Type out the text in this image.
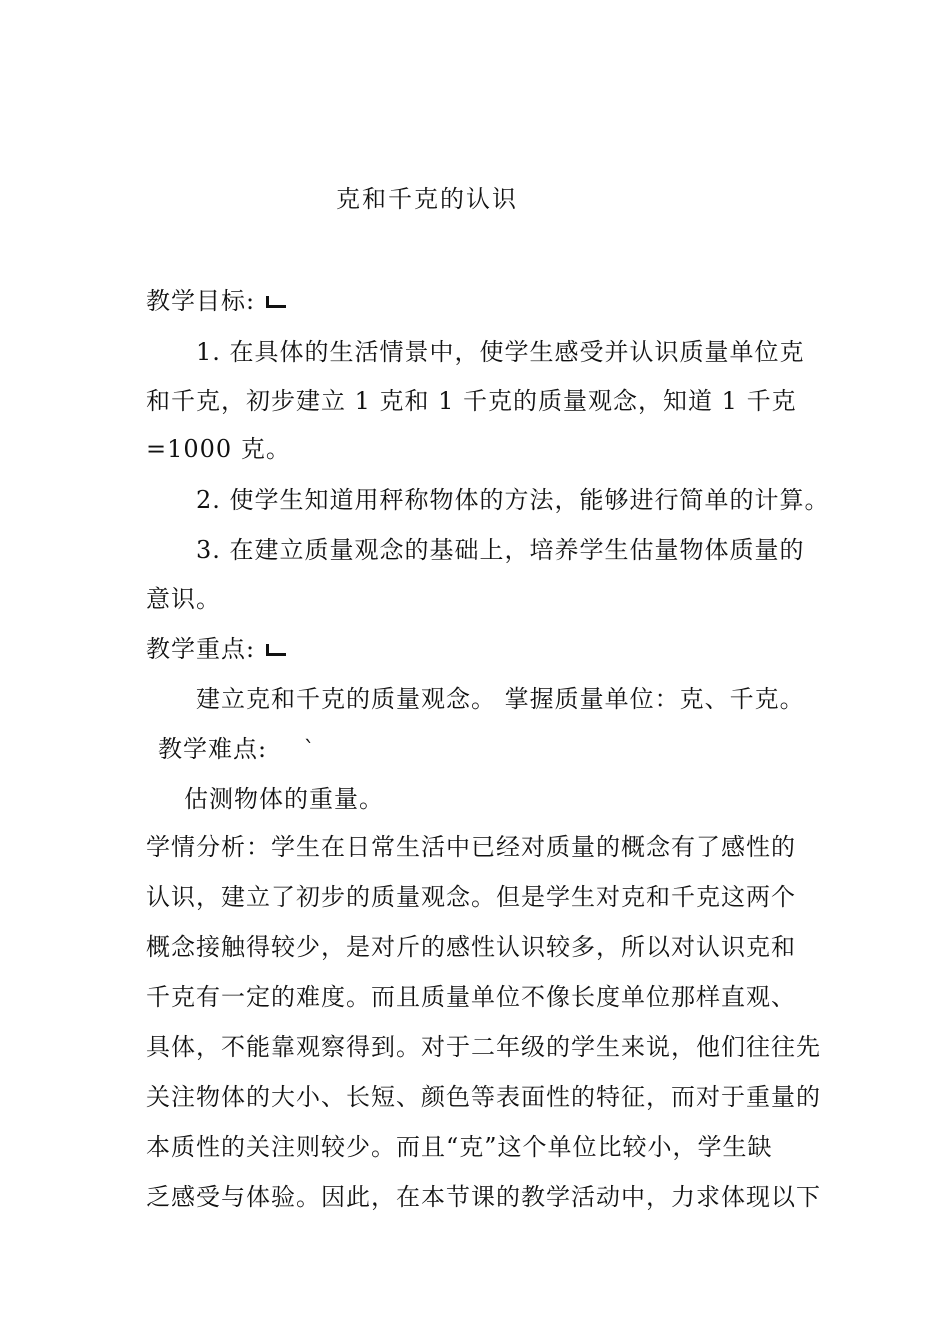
克和千克的认识
教学目标:
1. 在具体的生活情景中，使学生感受并认识质量单位克
和千克，初步建立 1 克和 1 千克的质量观念，知道 1 千克
=1000 克。
2. 使学生知道用秤称物体的方法，能够进行简单的计算。
3. 在建立质量观念的基础上，培养学生估量物体质量的
意识。
教学重点:
建立克和千克的质量观念。 掌握质量单位：克、千克。
教学难点: `
估测物体的重量。
学情分析：学生在日常生活中已经对质量的概念有了感性的
认识，建立了初步的质量观念。但是学生对克和千克这两个
概念接触得较少，是对斤的感性认识较多，所以对认识克和
千克有一定的难度。而且质量单位不像长度单位那样直观、
具体，不能靠观察得到。对于二年级的学生来说，他们往往先
关注物体的大小、长短、颜色等表面性的特征，而对于重量的
本质性的关注则较少。而且“克”这个单位比较小，学生缺
乏感受与体验。因此，在本节课的教学活动中，力求体现以下
